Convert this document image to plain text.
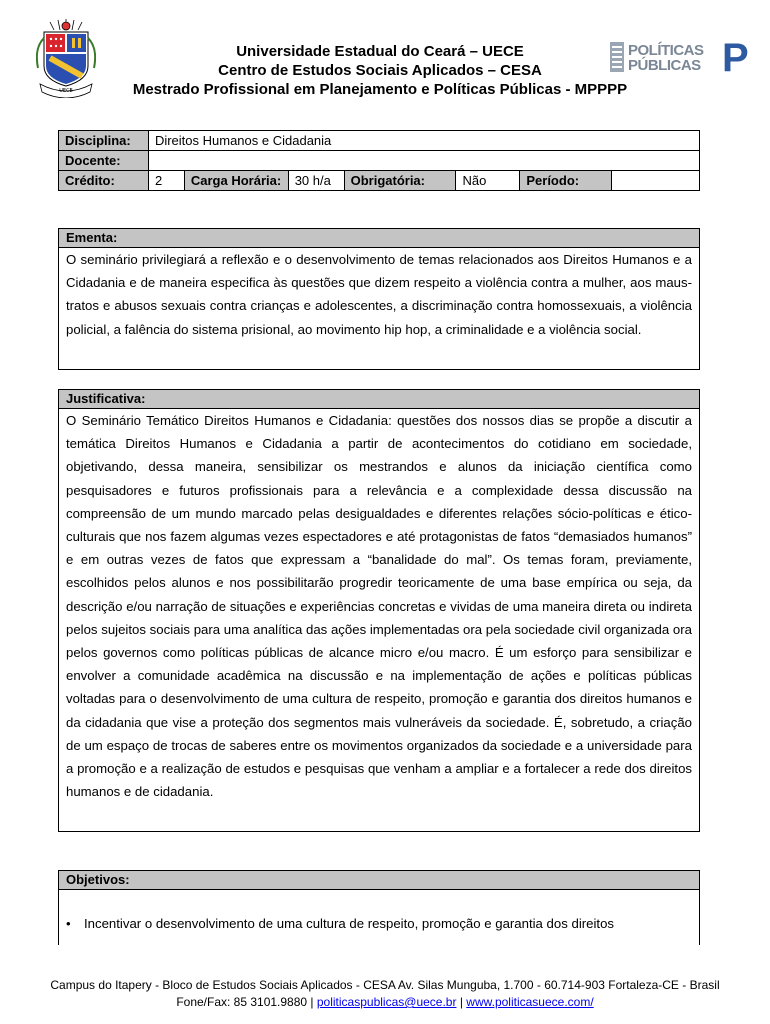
UECE
POLÍTICAS
PÚBLICAS P
Universidade Estadual do Ceará – UECE
Centro de Estudos Sociais Aplicados – CESA
Mestrado Profissional em Planejamento e Políticas Públicas - MPPPP
Disciplina:	Direitos Humanos e Cidadania						
Docente:							
Crédito:	2	Carga Horária:	30 h/a	Obrigatória:	Não	Período:	
Ementa:
O seminário privilegiará a reflexão e o desenvolvimento de temas relacionados aos Direitos Humanos e a Cidadania e de maneira especifica às questões que dizem respeito a violência contra a mulher, aos maus-tratos e abusos sexuais contra crianças e adolescentes, a discriminação contra homossexuais, a violência policial, a falência do sistema prisional, ao movimento hip hop, a criminalidade e a violência social.
Justificativa:
O Seminário Temático Direitos Humanos e Cidadania: questões dos nossos dias se propõe a discutir a temática Direitos Humanos e Cidadania a partir de acontecimentos do cotidiano em sociedade, objetivando, dessa maneira, sensibilizar os mestrandos e alunos da iniciação científica como pesquisadores e futuros profissionais para a relevância e a complexidade dessa discussão na compreensão de um mundo marcado pelas desigualdades e diferentes relações sócio-políticas e ético-culturais que nos fazem algumas vezes espectadores e até protagonistas de fatos “demasiados humanos” e em outras vezes de fatos que expressam a “banalidade do mal”. Os temas foram, previamente, escolhidos pelos alunos e nos possibilitarão progredir teoricamente de uma base empírica ou seja, da descrição e/ou narração de situações e experiências concretas e vividas de uma maneira direta ou indireta pelos sujeitos sociais para uma analítica das ações implementadas ora pela sociedade civil organizada ora pelos governos como políticas públicas de alcance micro e/ou macro. É um esforço para sensibilizar e envolver a comunidade acadêmica na discussão e na implementação de ações e políticas públicas voltadas para o desenvolvimento de uma cultura de respeito, promoção e garantia dos direitos humanos e da cidadania que vise a proteção dos segmentos mais vulneráveis da sociedade. É, sobretudo, a criação de um espaço de trocas de saberes entre os movimentos organizados da sociedade e a universidade para a promoção e a realização de estudos e pesquisas que venham a ampliar e a fortalecer a rede dos direitos humanos e de cidadania.
Objetivos:
• Incentivar o desenvolvimento de uma cultura de respeito, promoção e garantia dos direitos
Campus do Itapery - Bloco de Estudos Sociais Aplicados - CESA Av. Silas Munguba, 1.700 - 60.714-903 Fortaleza-CE - Brasil
Fone/Fax: 85 3101.9880 | politicaspublicas@uece.br | www.politicasuece.com/
